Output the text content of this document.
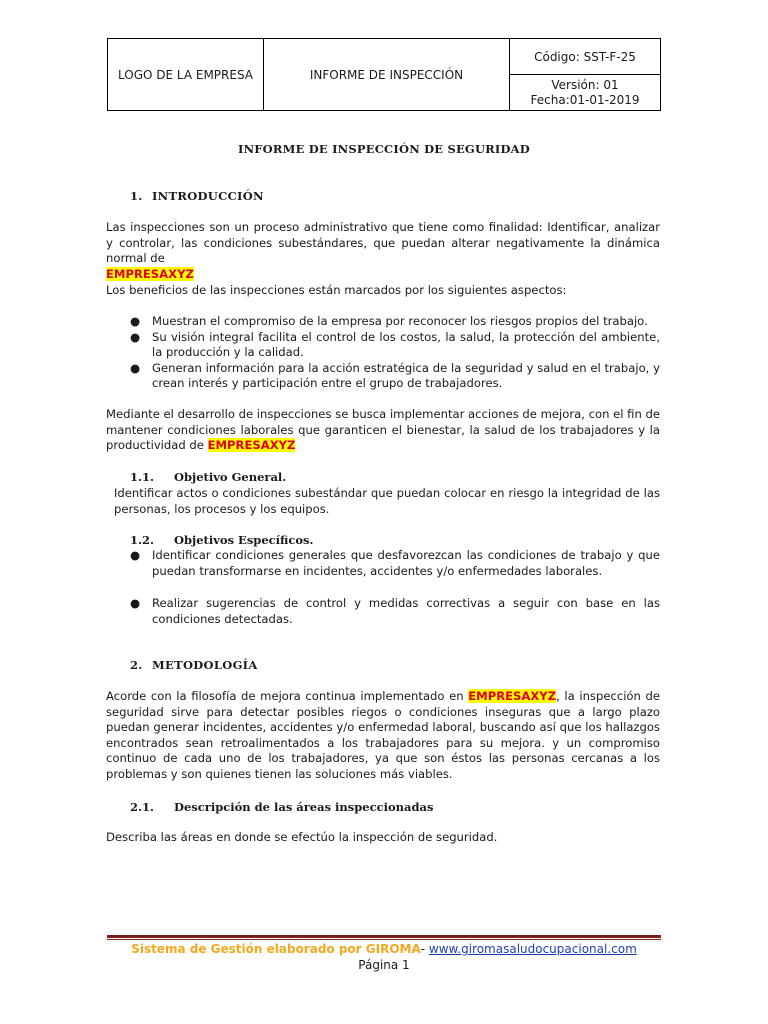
LOGO DE LA EMPRESA	INFORME DE INSPECCIÓN
Código: SST-F-25
Versión: 01
Fecha:01-01-2019
INFORME DE INSPECCIÓN DE SEGURIDAD
1. INTRODUCCIÓN
Las inspecciones son un proceso administrativo que tiene como finalidad: Identificar, analizar y controlar, las condiciones subestándares, que puedan alterar negativamente la dinámica normal de
EMPRESAXYZ
Los beneficios de las inspecciones están marcados por los siguientes aspectos:
● Muestran el compromiso de la empresa por reconocer los riesgos propios del trabajo.
● Su visión integral facilita el control de los costos, la salud, la protección del ambiente, la producción y la calidad.
● Generan información para la acción estratégica de la seguridad y salud en el trabajo, y crean interés y participación entre el grupo de trabajadores.
Mediante el desarrollo de inspecciones se busca implementar acciones de mejora, con el fin de mantener condiciones laborales que garanticen el bienestar, la salud de los trabajadores y la productividad de EMPRESAXYZ
1.1. Objetivo General.
Identificar actos o condiciones subestándar que puedan colocar en riesgo la integridad de las personas, los procesos y los equipos.
1.2. Objetivos Específicos.
● Identificar condiciones generales que desfavorezcan las condiciones de trabajo y que puedan transformarse en incidentes, accidentes y/o enfermedades laborales.
● Realizar sugerencias de control y medidas correctivas a seguir con base en las condiciones detectadas.
2. METODOLOGÍA
Acorde con la filosofía de mejora continua implementado en EMPRESAXYZ, la inspección de seguridad sirve para detectar posibles riegos o condiciones inseguras que a largo plazo puedan generar incidentes, accidentes y/o enfermedad laboral, buscando así que los hallazgos encontrados sean retroalimentados a los trabajadores para su mejora. y un compromiso continuo de cada uno de los trabajadores, ya que son éstos las personas cercanas a los problemas y son quienes tienen las soluciones más viables.
2.1. Descripción de las áreas inspeccionadas
Describa las áreas en donde se efectúo la inspección de seguridad.
Sistema de Gestión elaborado por GIROMA- www.giromasaludocupacional.com
Página 1
